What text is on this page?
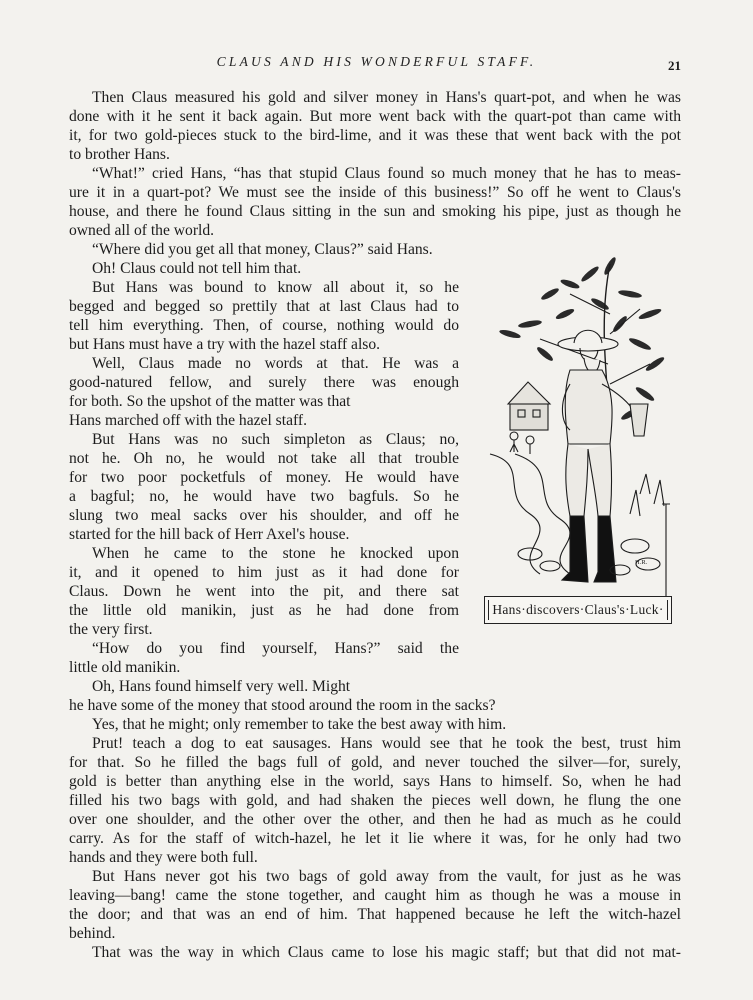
CLAUS AND HIS WONDERFUL STAFF.	21
Then Claus measured his gold and silver money in Hans's quart-pot, and when he was
done with it he sent it back again. But more went back with the quart-pot than came with
it, for two gold-pieces stuck to the bird-lime, and it was these that went back with the pot
to brother Hans.
“What!” cried Hans, “has that stupid Claus found so much money that he has to meas-
ure it in a quart-pot? We must see the inside of this business!” So off he went to Claus's
house, and there he found Claus sitting in the sun and smoking his pipe, just as though he
owned all of the world.
“Where did you get all that money, Claus?” said Hans.
Oh! Claus could not tell him that.
But Hans was bound to know all about it, so he
begged and begged so prettily that at last Claus had to
tell him everything. Then, of course, nothing would do
but Hans must have a try with the hazel staff also.
Well, Claus made no words at that. He was a
good-natured fellow, and surely there was enough
for both. So the upshot of the matter was that
Hans marched off with the hazel staff.
But Hans was no such simpleton as Claus; no,
not he. Oh no, he would not take all that trouble
for two poor pocketfuls of money. He would have
a bagful; no, he would have two bagfuls. So he
slung two meal sacks over his shoulder, and off he
started for the hill back of Herr Axel's house.
When he came to the stone he knocked upon
it, and it opened to him just as it had done for
Claus. Down he went into the pit, and there sat
the little old manikin, just as he had done from
the very first.
“How do you find yourself, Hans?” said the
little old manikin.
Oh, Hans found himself very well. Might
he have some of the money that stood around the room in the sacks?
Yes, that he might; only remember to take the best away with him.
Prut! teach a dog to eat sausages. Hans would see that he took the best, trust him
for that. So he filled the bags full of gold, and never touched the silver—for, surely,
gold is better than anything else in the world, says Hans to himself. So, when he had
filled his two bags with gold, and had shaken the pieces well down, he flung the one
over one shoulder, and the other over the other, and then he had as much as he could
carry. As for the staff of witch-hazel, he let it lie where it was, for he only had two
hands and they were both full.
But Hans never got his two bags of gold away from the vault, for just as he was
leaving—bang! came the stone together, and caught him as though he was a mouse in
the door; and that was an end of him. That happened because he left the witch-hazel
behind.
That was the way in which Claus came to lose his magic staff; but that did not mat-
H.R.
Hans·discovers·Claus's·Luck·
